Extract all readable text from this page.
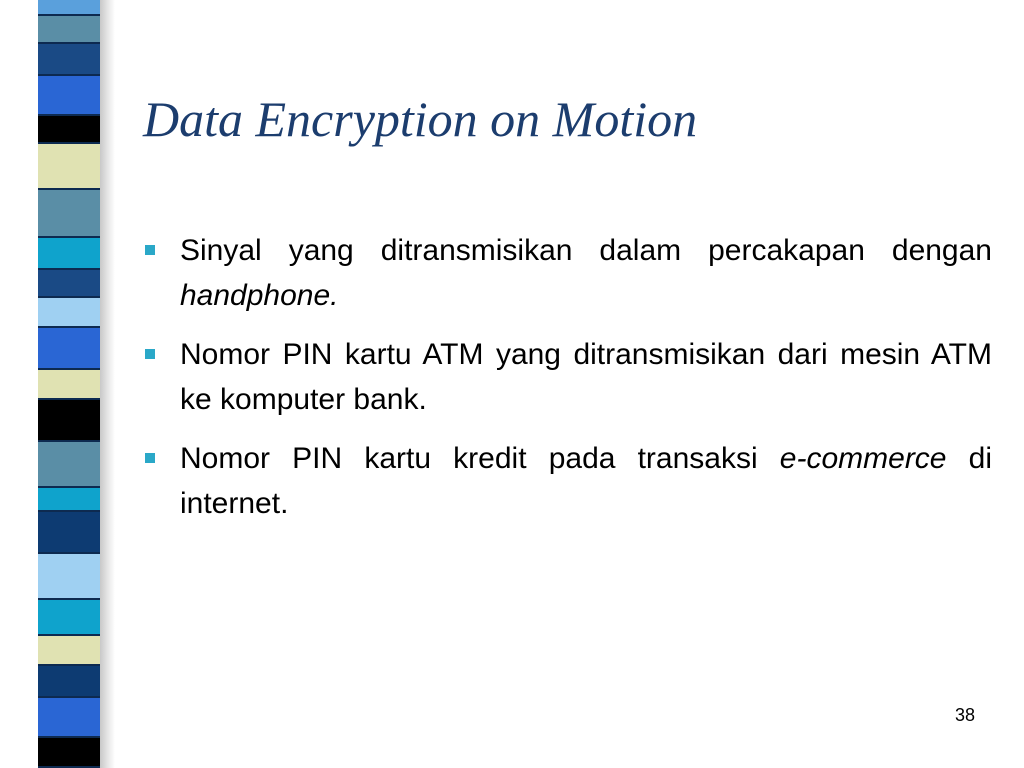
Data Encryption on Motion
Sinyal yang ditransmisikan dalam percakapan dengan handphone.
Nomor PIN kartu ATM yang ditransmisikan dari mesin ATM ke komputer bank.
Nomor PIN kartu kredit pada transaksi e-commerce di internet.
38
